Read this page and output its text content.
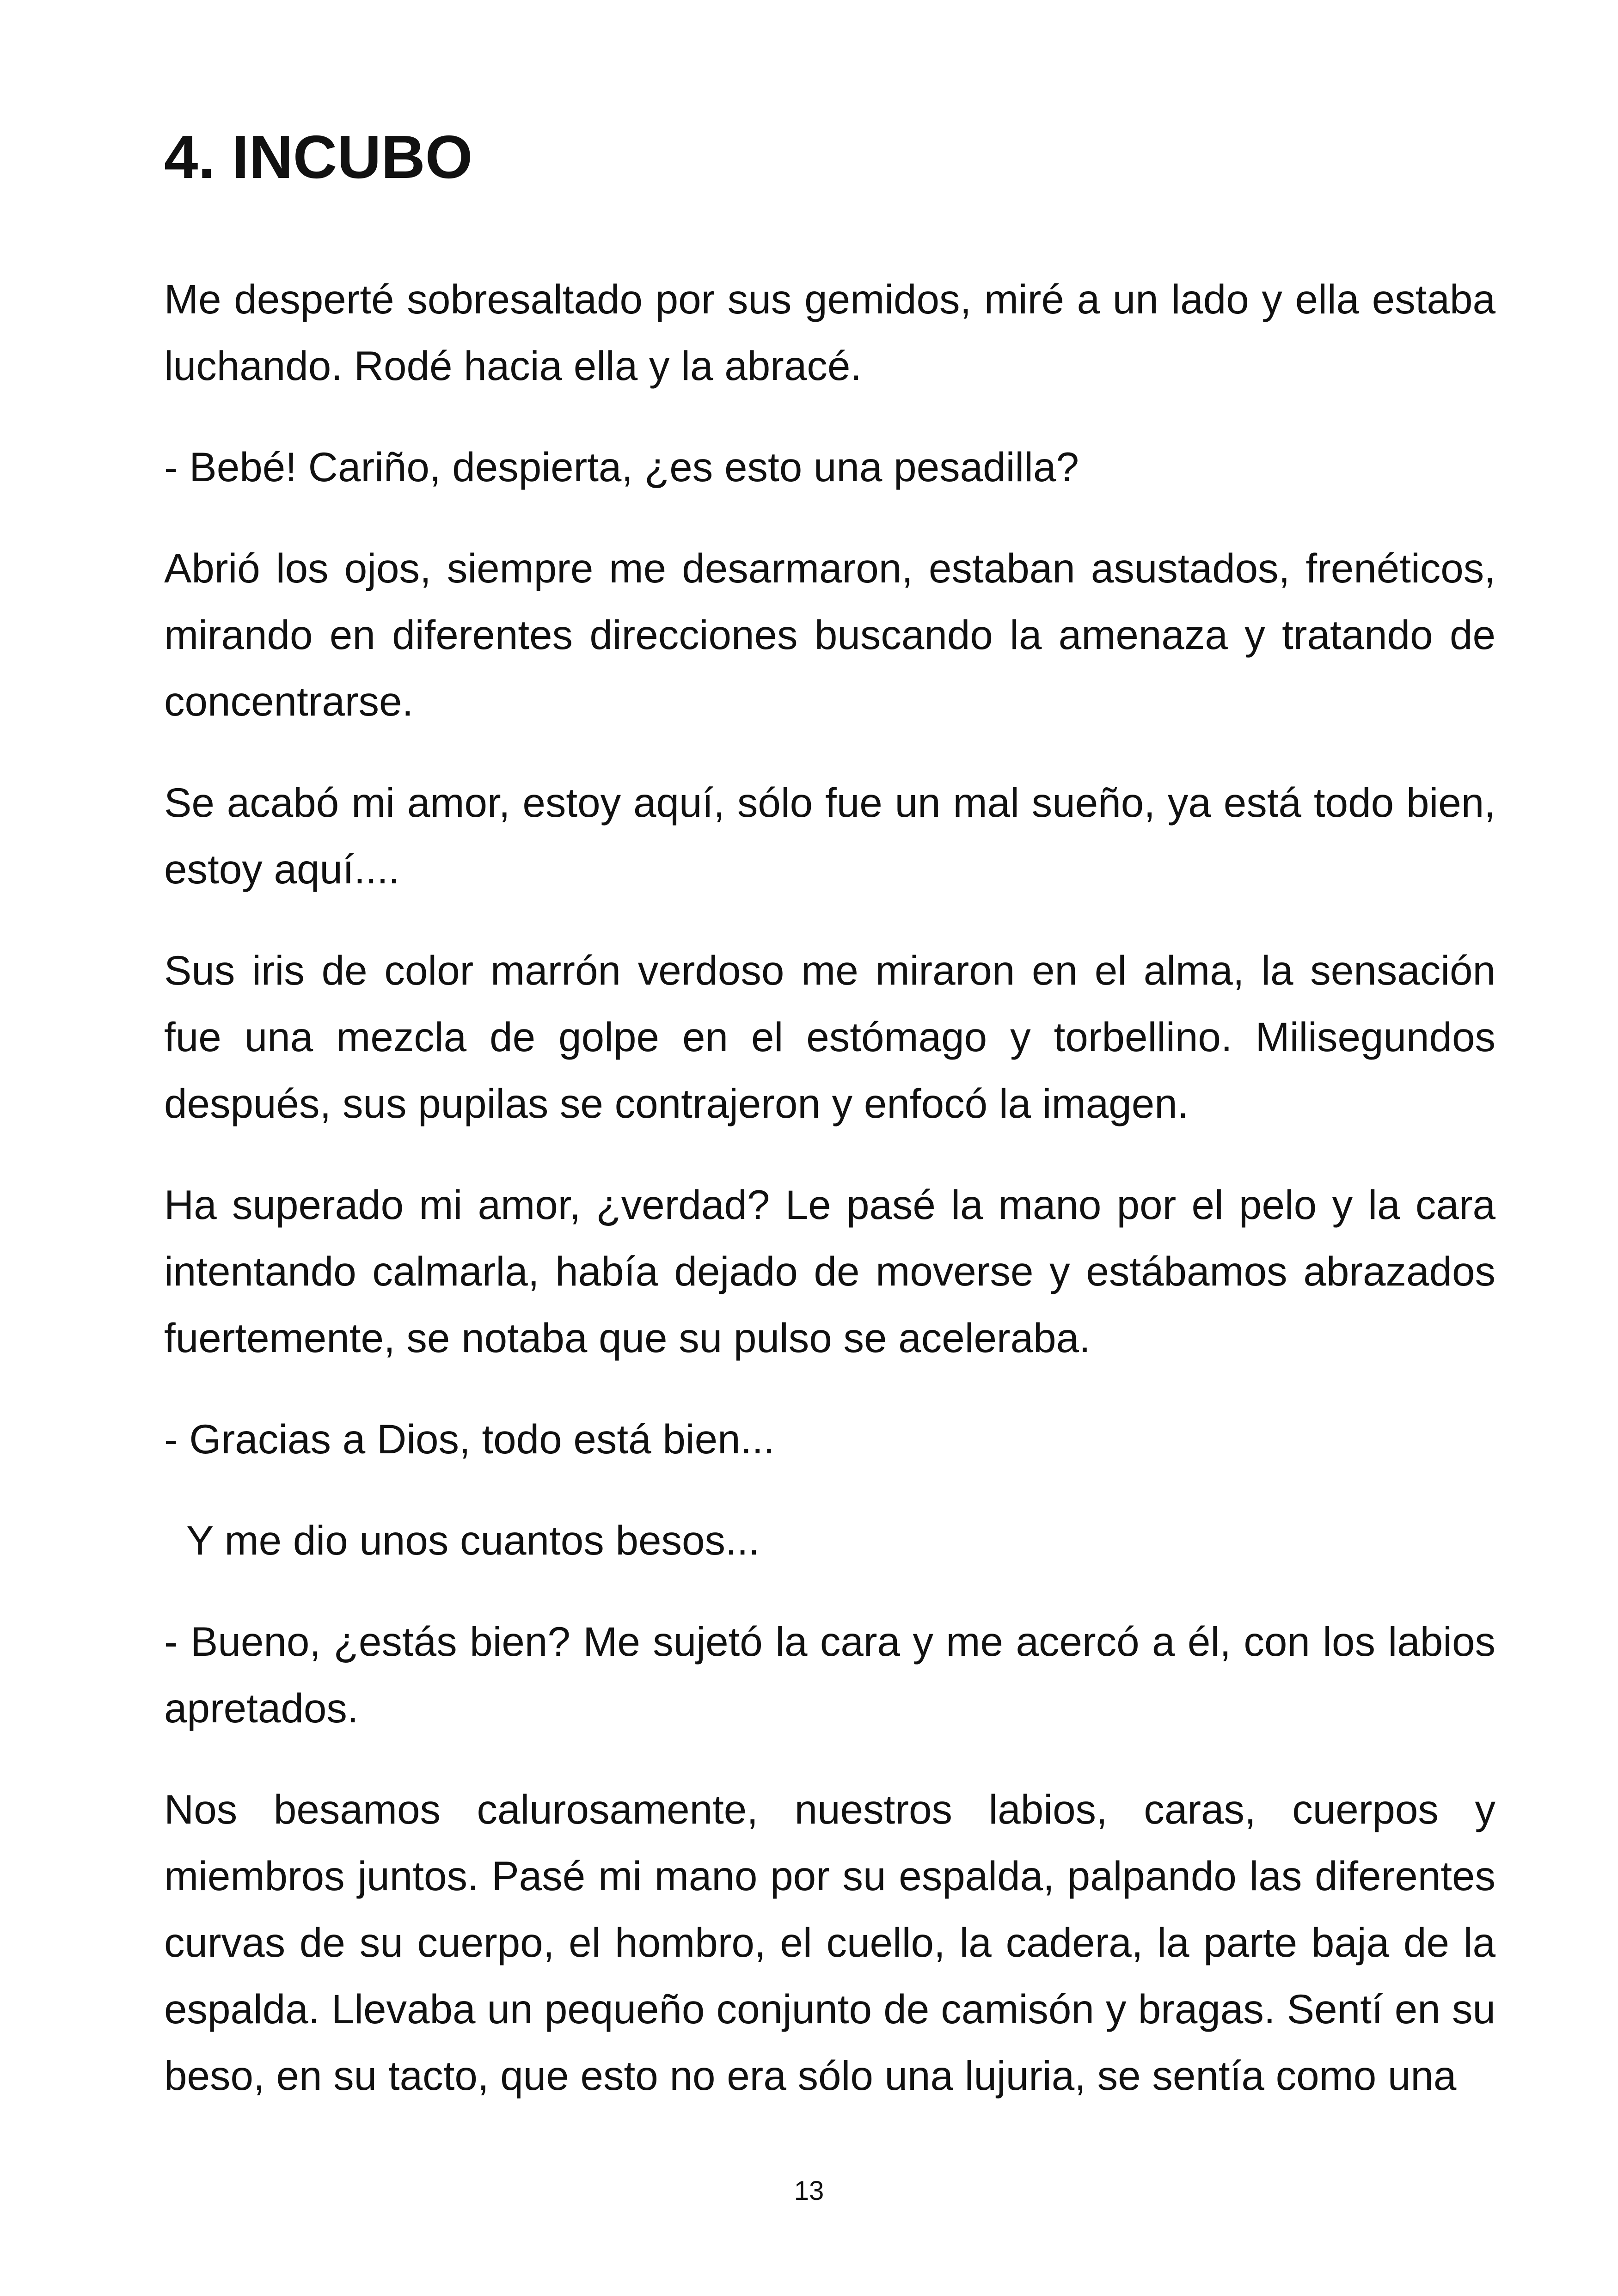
4. INCUBO

Me desperté sobresaltado por sus gemidos, miré a un lado y ella estaba luchando. Rodé hacia ella y la abracé.

- Bebé! Cariño, despierta, ¿es esto una pesadilla?

Abrió los ojos, siempre me desarmaron, estaban asustados, frenéticos, mirando en diferentes direcciones buscando la amenaza y tratando de concentrarse.

Se acabó mi amor, estoy aquí, sólo fue un mal sueño, ya está todo bien, estoy aquí....

Sus iris de color marrón verdoso me miraron en el alma, la sensación fue una mezcla de golpe en el estómago y torbellino. Milisegundos después, sus pupilas se contrajeron y enfocó la imagen.

Ha superado mi amor, ¿verdad? Le pasé la mano por el pelo y la cara intentando calmarla, había dejado de moverse y estábamos abrazados fuertemente, se notaba que su pulso se aceleraba.

- Gracias a Dios, todo está bien...

Y me dio unos cuantos besos...

- Bueno, ¿estás bien? Me sujetó la cara y me acercó a él, con los labios apretados.

Nos besamos calurosamente, nuestros labios, caras, cuerpos y miembros juntos. Pasé mi mano por su espalda, palpando las diferentes curvas de su cuerpo, el hombro, el cuello, la cadera, la parte baja de la espalda. Llevaba un pequeño conjunto de camisón y bragas. Sentí en su beso, en su tacto, que esto no era sólo una lujuria, se sentía como una

13
